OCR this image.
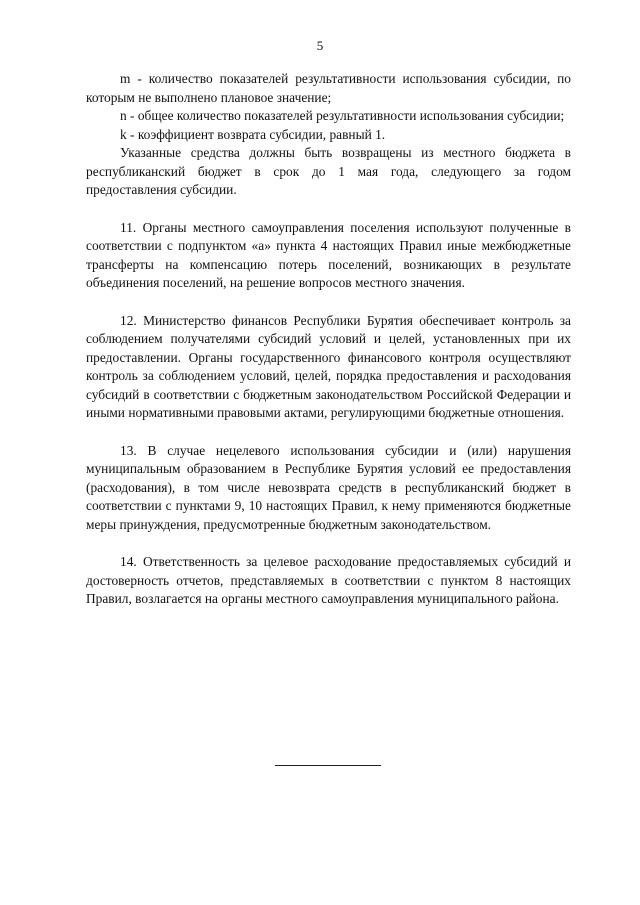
5

m - количество показателей результативности использования субсидии, по которым не выполнено плановое значение;

n - общее количество показателей результативности использования субсидии;

k - коэффициент возврата субсидии, равный 1.

Указанные средства должны быть возвращены из местного бюджета в республиканский бюджет в срок до 1 мая года, следующего за годом предоставления субсидии.

11. Органы местного самоуправления поселения используют полученные в соответствии с подпунктом «а» пункта 4 настоящих Правил иные межбюджетные трансферты на компенсацию потерь поселений, возникающих в результате объединения поселений, на решение вопросов местного значения.

12. Министерство финансов Республики Бурятия обеспечивает контроль за соблюдением получателями субсидий условий и целей, установленных при их предоставлении. Органы государственного финансового контроля осуществляют контроль за соблюдением условий, целей, порядка предоставления и расходования субсидий в соответствии с бюджетным законодательством Российской Федерации и иными нормативными правовыми актами, регулирующими бюджетные отношения.

13. В случае нецелевого использования субсидии и (или) нарушения муниципальным образованием в Республике Бурятия условий ее предоставления (расходования), в том числе невозврата средств в республиканский бюджет в соответствии с пунктами 9, 10 настоящих Правил, к нему применяются бюджетные меры принуждения, предусмотренные бюджетным законодательством.

14. Ответственность за целевое расходование предоставляемых субсидий и достоверность отчетов, представляемых в соответствии с пунктом 8 настоящих Правил, возлагается на органы местного самоуправления муниципального района.
